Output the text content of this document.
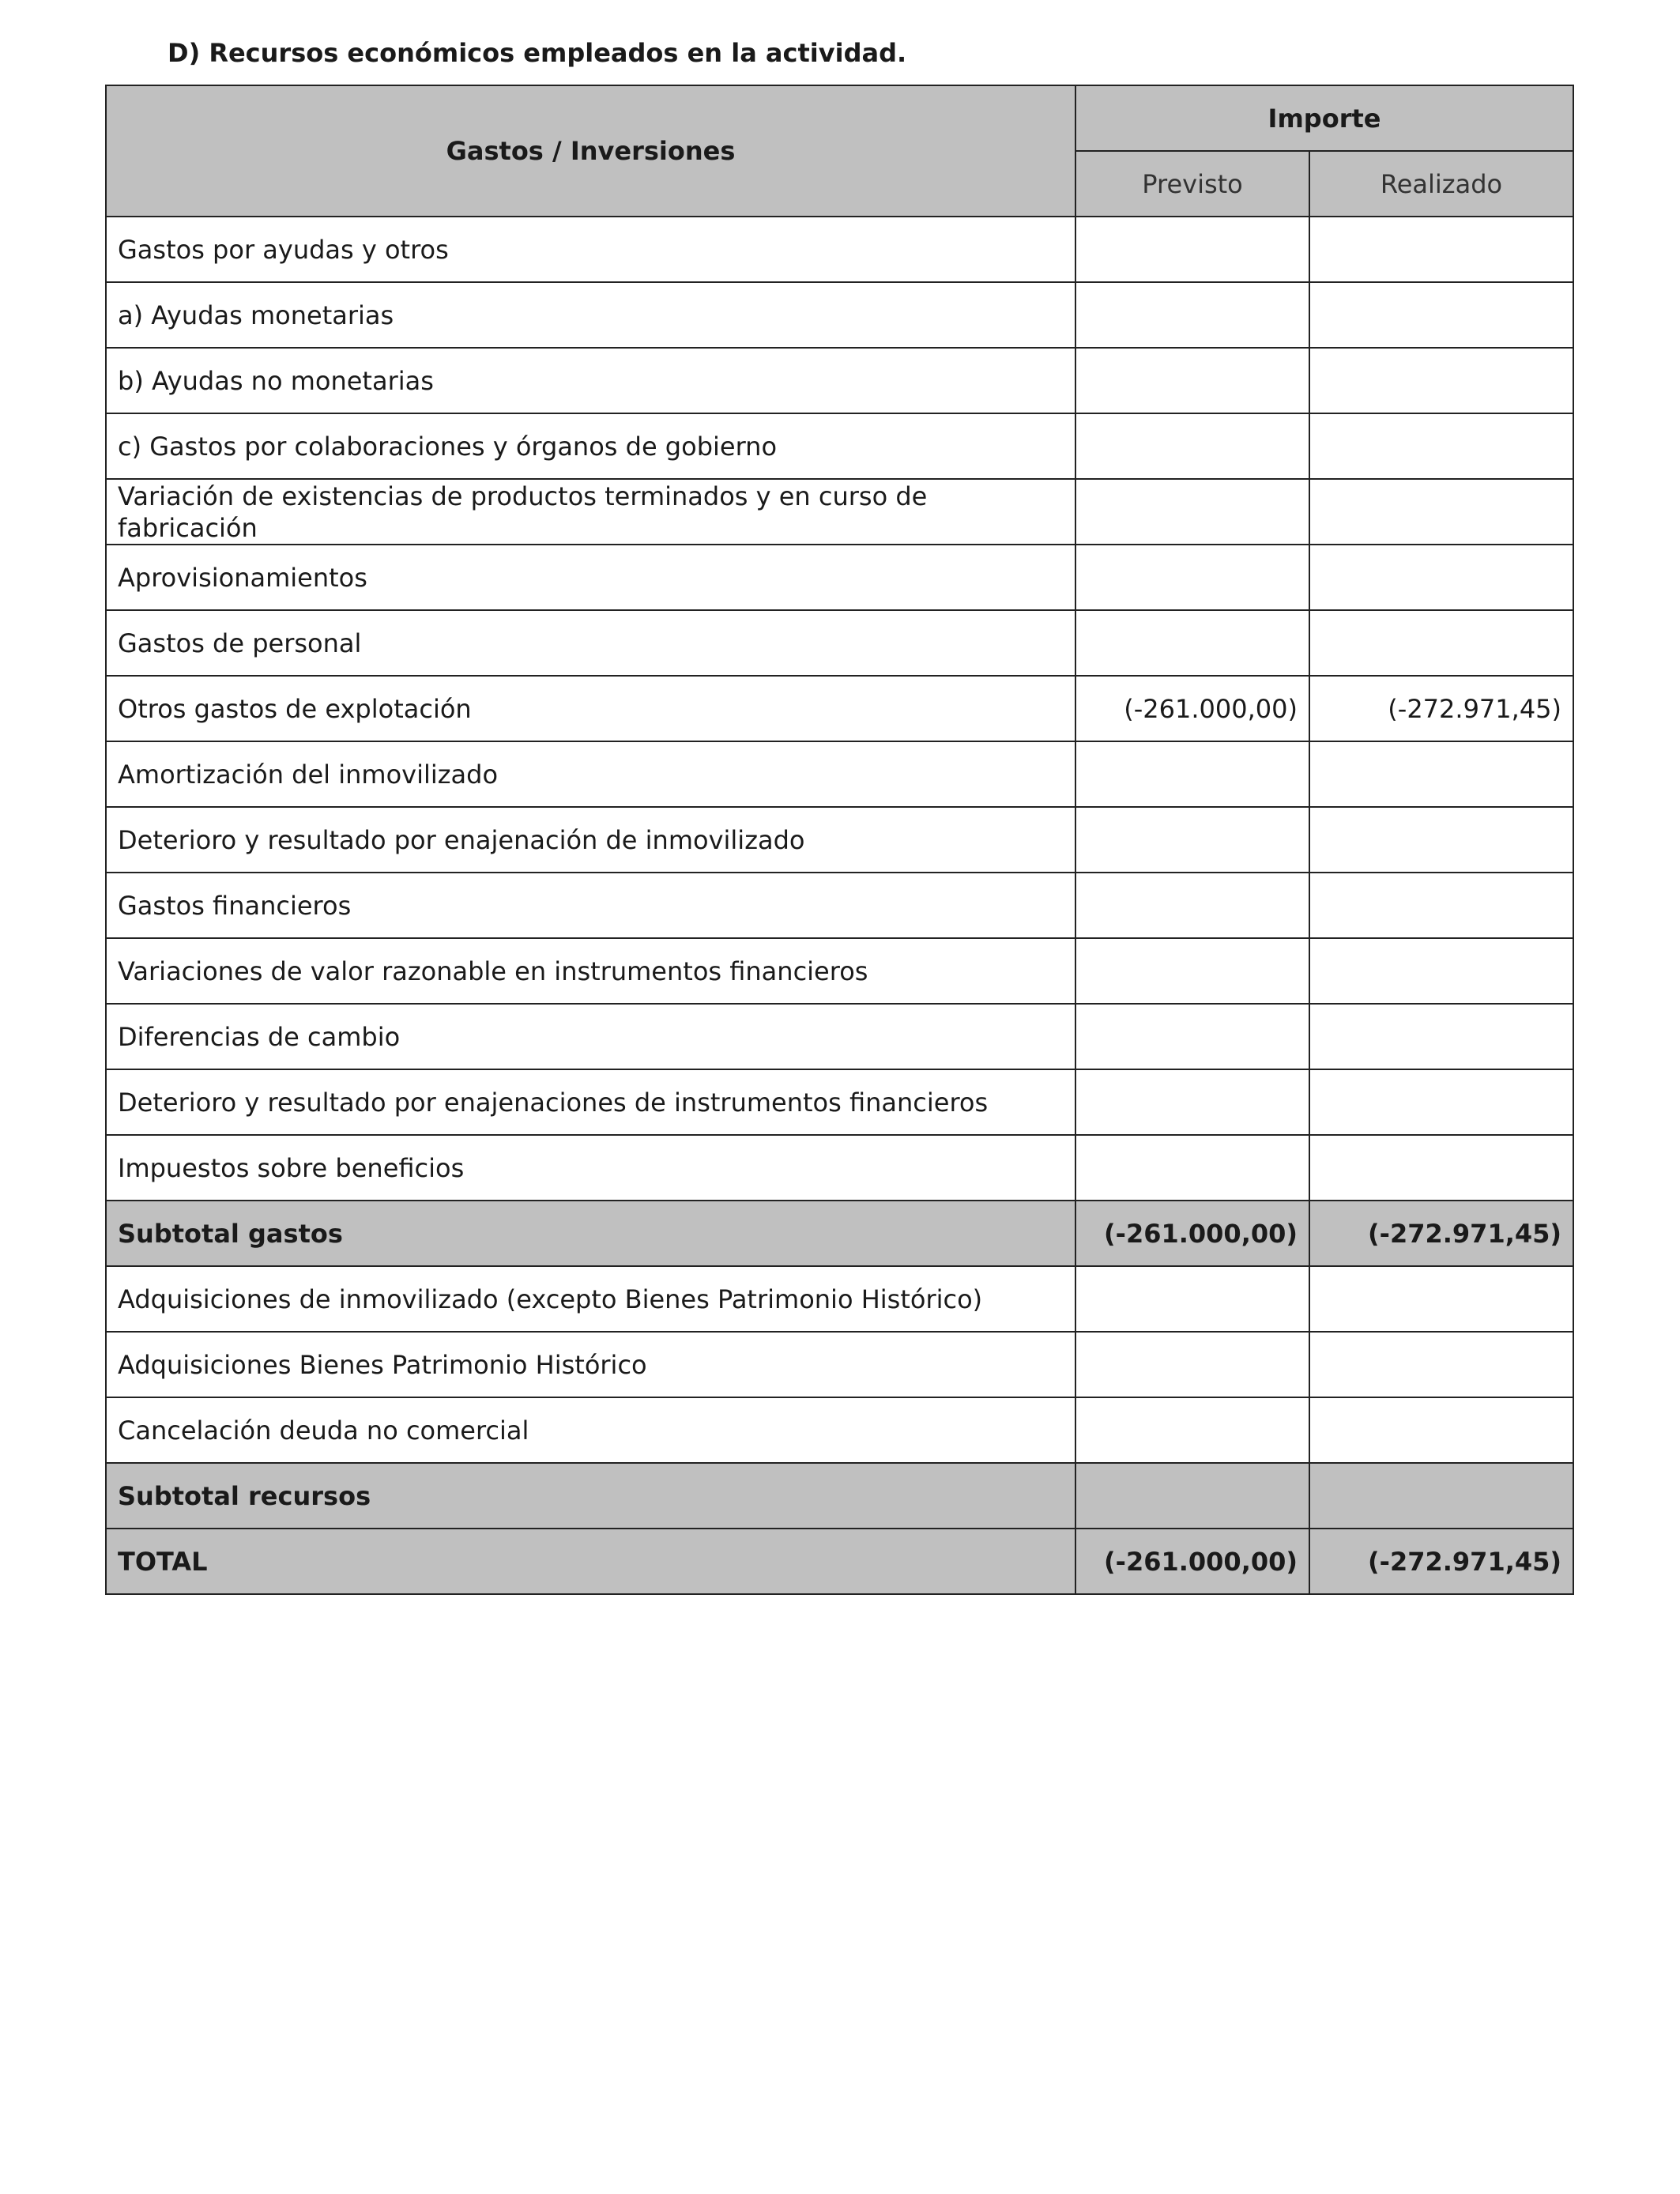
D) Recursos económicos empleados en la actividad.
Gastos / Inversiones	Importe	
	Previsto	Realizado
Gastos por ayudas y otros		
a) Ayudas monetarias		
b) Ayudas no monetarias		
c) Gastos por colaboraciones y órganos de gobierno		
Variación de existencias de productos terminados y en curso de fabricación		
Aprovisionamientos		
Gastos de personal		
Otros gastos de explotación	(-261.000,00)	(-272.971,45)
Amortización del inmovilizado		
Deterioro y resultado por enajenación de inmovilizado		
Gastos financieros		
Variaciones de valor razonable en instrumentos financieros		
Diferencias de cambio		
Deterioro y resultado por enajenaciones de instrumentos financieros		
Impuestos sobre beneficios		
Subtotal gastos	(-261.000,00)	(-272.971,45)
Adquisiciones de inmovilizado (excepto Bienes Patrimonio Histórico)		
Adquisiciones Bienes Patrimonio Histórico		
Cancelación deuda no comercial		
Subtotal recursos		
TOTAL	(-261.000,00)	(-272.971,45)
